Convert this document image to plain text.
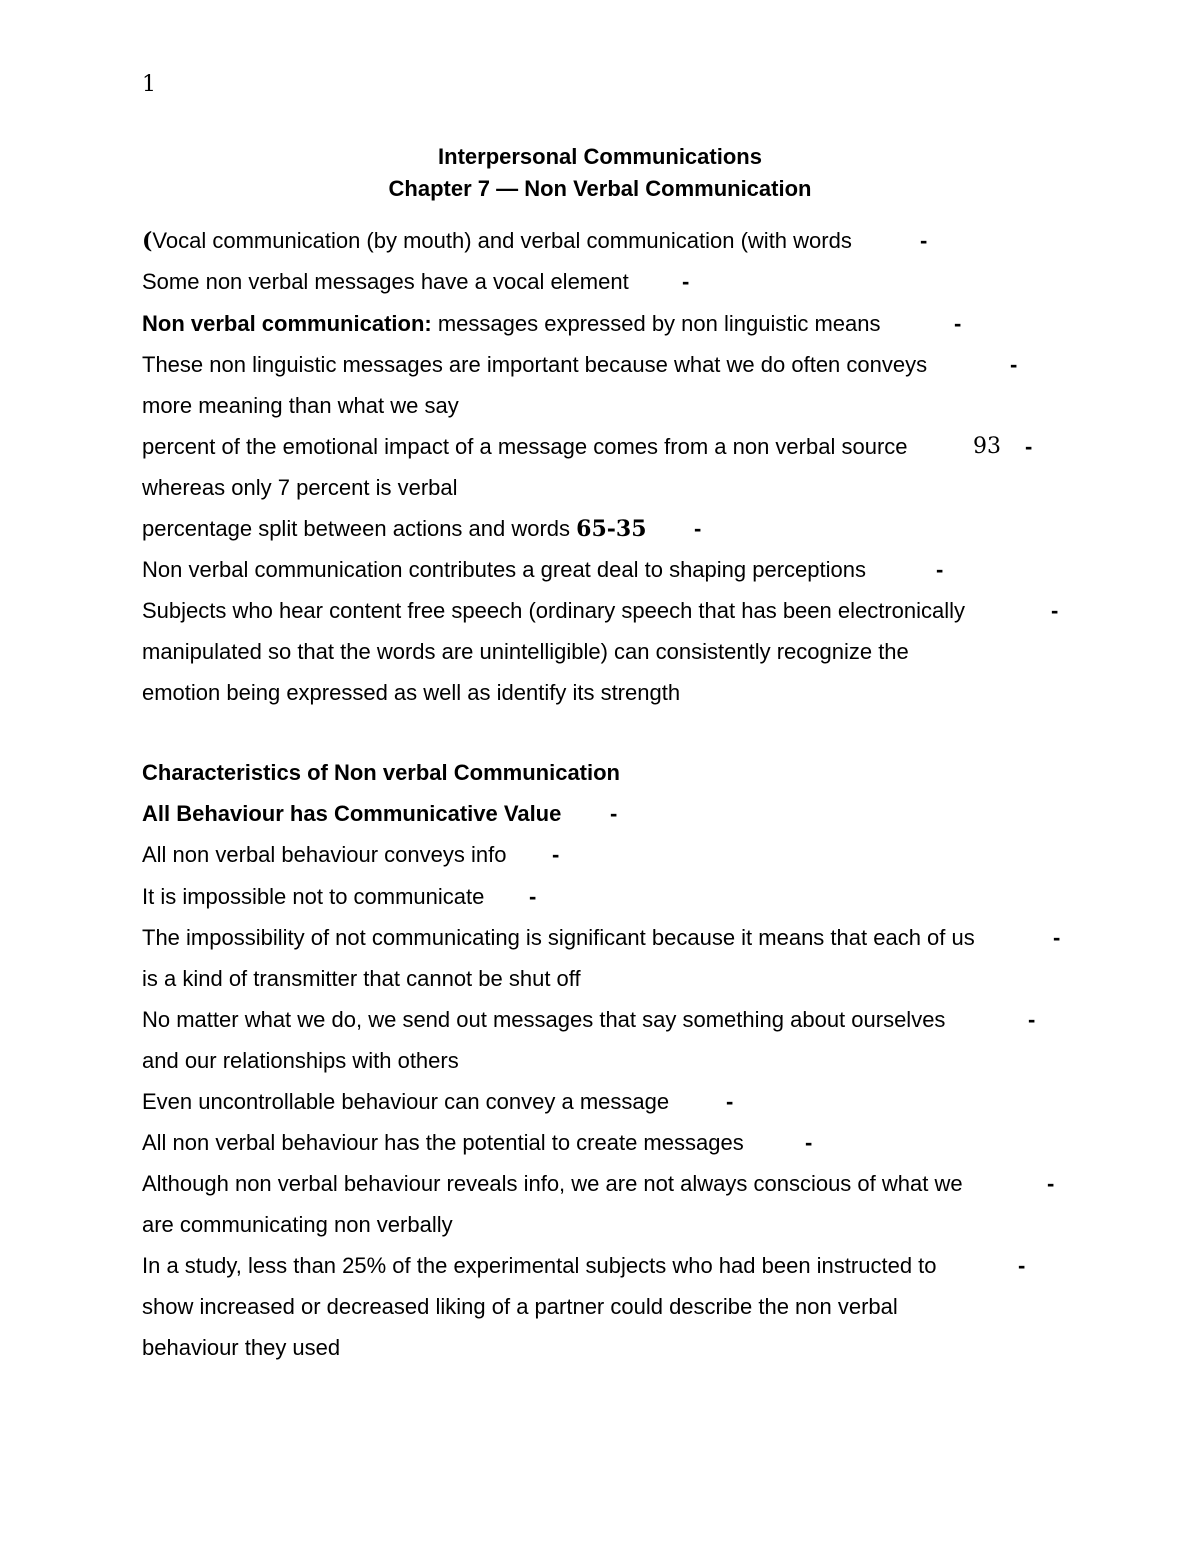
1
Interpersonal Communications
Chapter 7 — Non Verbal Communication
(Vocal communication (by mouth) and verbal communication (with words	-
Some non verbal messages have a vocal element -
Non verbal communication: messages expressed by non linguistic means	-
These non linguistic messages are important because what we do often conveys	-
more meaning than what we say
percent of the emotional impact of a message comes from a non verbal source	93 -
whereas only 7 percent is verbal
percentage split between actions and words 65-35 -
Non verbal communication contributes a great deal to shaping perceptions	-
Subjects who hear content free speech (ordinary speech that has been electronically	-
manipulated so that the words are unintelligible) can consistently recognize the
emotion being expressed as well as identify its strength
Characteristics of Non verbal Communication
All Behaviour has Communicative Value -
All non verbal behaviour conveys info -
It is impossible not to communicate -
The impossibility of not communicating is significant because it means that each of us	-
is a kind of transmitter that cannot be shut off
No matter what we do, we send out messages that say something about ourselves	-
and our relationships with others
Even uncontrollable behaviour can convey a message	-
All non verbal behaviour has the potential to create messages	-
Although non verbal behaviour reveals info, we are not always conscious of what we	-
are communicating non verbally
In a study, less than 25% of the experimental subjects who had been instructed to	-
show increased or decreased liking of a partner could describe the non verbal
behaviour they used
